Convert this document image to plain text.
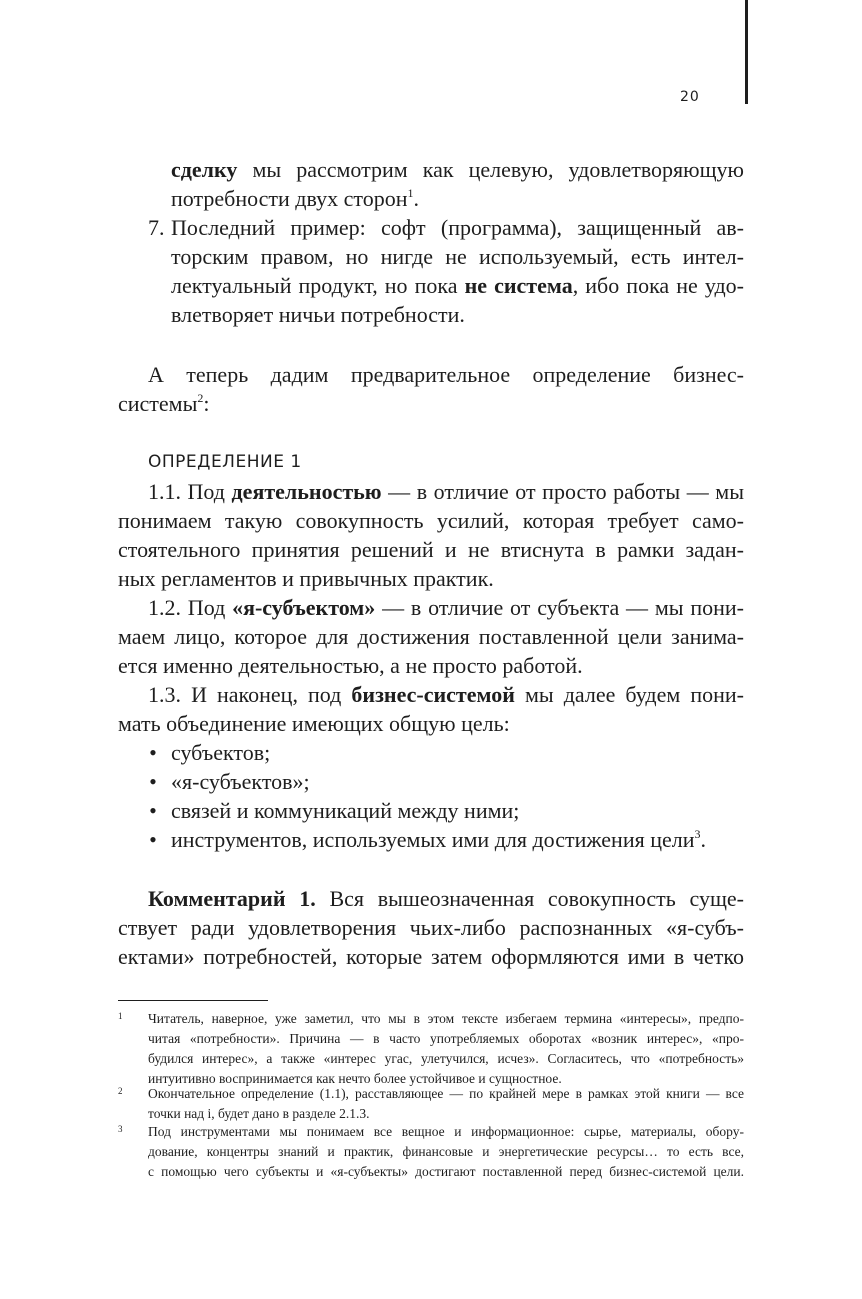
20
сделку мы рассмотрим как целевую, удовлетворяющую
потребности двух сторон$^1$.
7. Последний пример: софт (программа), защищенный ав-
торским правом, но нигде не используемый, есть интел-
лектуальный продукт, но пока не система, ибо пока не удо-
влетворяет ничьи потребности.
А теперь дадим предварительное определение бизнес-
системы$^2$:
ОПРЕДЕЛЕНИЕ 1
1.1. Под деятельностью — в отличие от просто работы — мы
понимаем такую совокупность усилий, которая требует само-
стоятельного принятия решений и не втиснута в рамки задан-
ных регламентов и привычных практик.
1.2. Под «я-субъектом» — в отличие от субъекта — мы пони-
маем лицо, которое для достижения поставленной цели занима-
ется именно деятельностью, а не просто работой.
1.3. И наконец, под бизнес-системой мы далее будем пони-
мать объединение имеющих общую цель:
• субъектов;
• «я-субъектов»;
• связей и коммуникаций между ними;
• инструментов, используемых ими для достижения цели$^3$.
Комментарий 1. Вся вышеозначенная совокупность суще-
ствует ради удовлетворения чьих-либо распознанных «я-субъ-
ектами» потребностей, которые затем оформляются ими в четко
1 Читатель, наверное, уже заметил, что мы в этом тексте избегаем термина «интересы», предпо-
читая «потребности». Причина — в часто употребляемых оборотах «возник интерес», «про-
будился интерес», а также «интерес угас, улетучился, исчез». Согласитесь, что «потребность»
интуитивно воспринимается как нечто более устойчивое и сущностное.
2 Окончательное определение (1.1), расставляющее — по крайней мере в рамках этой книги — все
точки над i, будет дано в разделе 2.1.3.
3 Под инструментами мы понимаем все вещное и информационное: сырье, материалы, обору-
дование, концентры знаний и практик, финансовые и энергетические ресурсы… то есть все,
с помощью чего субъекты и «я-субъекты» достигают поставленной перед бизнес-системой цели.
